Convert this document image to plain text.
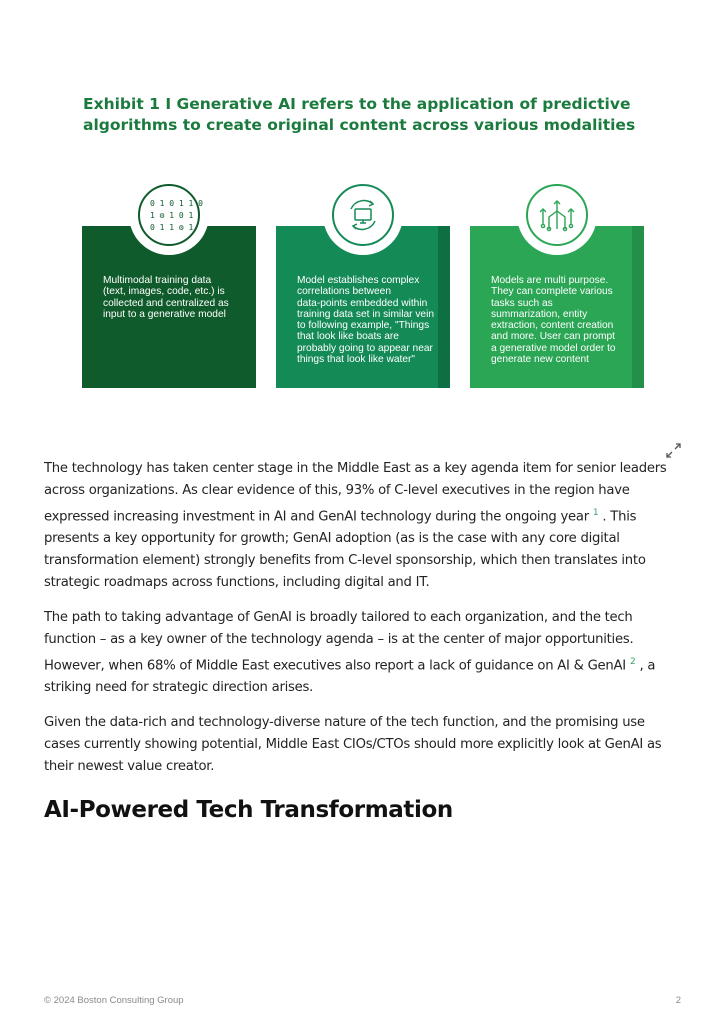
Exhibit 1 I Generative AI refers to the application of predictive algorithms to create original content across various modalities
Multimodal training data
(text, images, code, etc.) is
collected and centralized as
input to a generative model
Model establishes complex
correlations between
data-points embedded within
training data set in similar vein
to following example, "Things
that look like boats are
probably going to appear near
things that look like water"
Models are multi purpose.
They can complete various
tasks such as
summarization, entity
extraction, content creation
and more. User can prompt
a generative model order to
generate new content
0 1 0 1 1 0
1 ⚙ 1 0 1
0 1 1 ⚙ 1

The technology has taken center stage in the Middle East as a key agenda item for senior leaders across organizations. As clear evidence of this, 93% of C-level executives in the region have expressed increasing investment in AI and GenAI technology during the ongoing year $^1$ . This presents a key opportunity for growth; GenAI adoption (as is the case with any core digital transformation element) strongly benefits from C-level sponsorship, which then translates into strategic roadmaps across functions, including digital and IT.

The path to taking advantage of GenAI is broadly tailored to each organization, and the tech function – as a key owner of the technology agenda – is at the center of major opportunities. However, when 68% of Middle East executives also report a lack of guidance on AI & GenAI $^2$ , a striking need for strategic direction arises.

Given the data-rich and technology-diverse nature of the tech function, and the promising use cases currently showing potential, Middle East CIOs/CTOs should more explicitly look at GenAI as their newest value creator.

AI-Powered Tech Transformation
© 2024 Boston Consulting Group	2
